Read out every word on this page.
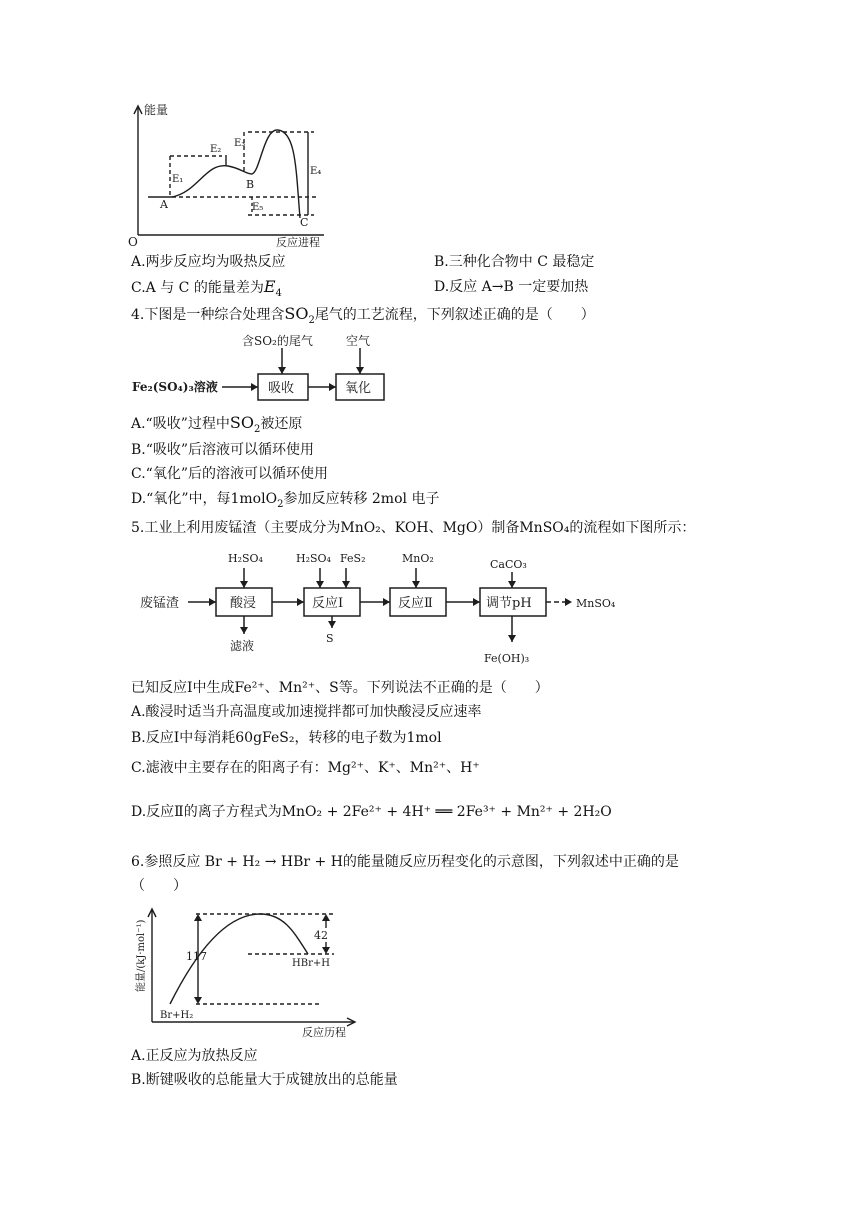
能量
E₁
E₂
E₃
E₄
E₅
A
B
C
O	反应进程
A.两步反应均为吸热反应	B.三种化合物中 C 最稳定
C.A 与 C 的能量差为$E_4$	D.反应 A→B 一定要加热
4.下图是一种综合处理含$SO_2$尾气的工艺流程，下列叙述正确的是（　　）
含SO₂的尾气	空气
Fe₂(SO₄)₃溶液	吸收	氧化
A.“吸收”过程中$SO_2$被还原
B.“吸收”后溶液可以循环使用
C.“氧化”后的溶液可以循环使用
D.“氧化”中，每1molO$_2$参加反应转移 2mol 电子
5.工业上利用废锰渣（主要成分为MnO₂、KOH、MgO）制备MnSO₄的流程如下图所示：
废锰渣	酸浸	反应Ⅰ	反应Ⅱ	调节pH
H₂SO₄	H₂SO₄ FeS₂	MnO₂	CaCO₃
滤液
S
Fe(OH)₃
MnSO₄
已知反应Ⅰ中生成Fe²⁺、Mn²⁺、S等。下列说法不正确的是（　　）
A.酸浸时适当升高温度或加速搅拌都可加快酸浸反应速率
B.反应Ⅰ中每消耗60gFeS₂，转移的电子数为1mol
C.滤液中主要存在的阳离子有：Mg²⁺、K⁺、Mn²⁺、H⁺
D.反应Ⅱ的离子方程式为MnO₂ + 2Fe²⁺ + 4H⁺ ══ 2Fe³⁺ + Mn²⁺ + 2H₂O
6.参照反应 Br + H₂ → HBr + H的能量随反应历程变化的示意图，下列叙述中正确的是
（　　）
能量/(kJ·mol⁻¹)	117
42
Br+H₂
HBr+H
反应历程
A.正反应为放热反应
B.断键吸收的总能量大于成键放出的总能量
